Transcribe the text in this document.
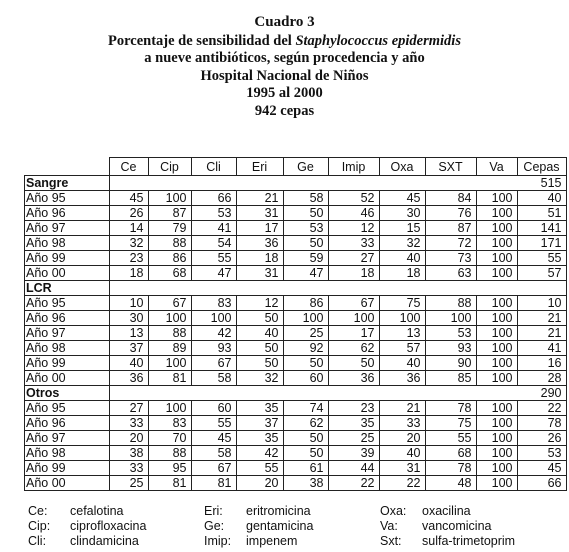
Cuadro 3
Porcentaje de sensibilidad del Staphylococcus epidermidis
a nueve antibióticos, según procedencia y año
Hospital Nacional de Niños
1995 al 2000
942 cepas
	Ce	Cip	Cli	Eri	Ge	Imip	Oxa	SXT	Va	Cepas
Sangre										515
Año 95	45	100	66	21	58	52	45	84	100	40
Año 96	26	87	53	31	50	46	30	76	100	51
Año 97	14	79	41	17	53	12	15	87	100	141
Año 98	32	88	54	36	50	33	32	72	100	171
Año 99	23	86	55	18	59	27	40	73	100	55
Año 00	18	68	47	31	47	18	18	63	100	57
LCR										
Año 95	10	67	83	12	86	67	75	88	100	10
Año 96	30	100	100	50	100	100	100	100	100	21
Año 97	13	88	42	40	25	17	13	53	100	21
Año 98	37	89	93	50	92	62	57	93	100	41
Año 99	40	100	67	50	50	50	40	90	100	16
Año 00	36	81	58	32	60	36	36	85	100	28
Otros										290
Año 95	27	100	60	35	74	23	21	78	100	22
Año 96	33	83	55	37	62	35	33	75	100	78
Año 97	20	70	45	35	50	25	20	55	100	26
Año 98	38	88	58	42	50	39	40	68	100	53
Año 99	33	95	67	55	61	44	31	78	100	45
Año 00	25	81	81	20	38	22	22	48	100	66
Ce:	cefalotina	Eri:	eritromicina	Oxa:	oxacilina
Cip:	ciprofloxacina	Ge:	gentamicina	Va:	vancomicina
Cli:	clindamicina	Imip:	impenem	Sxt:	sulfa-trimetoprim
